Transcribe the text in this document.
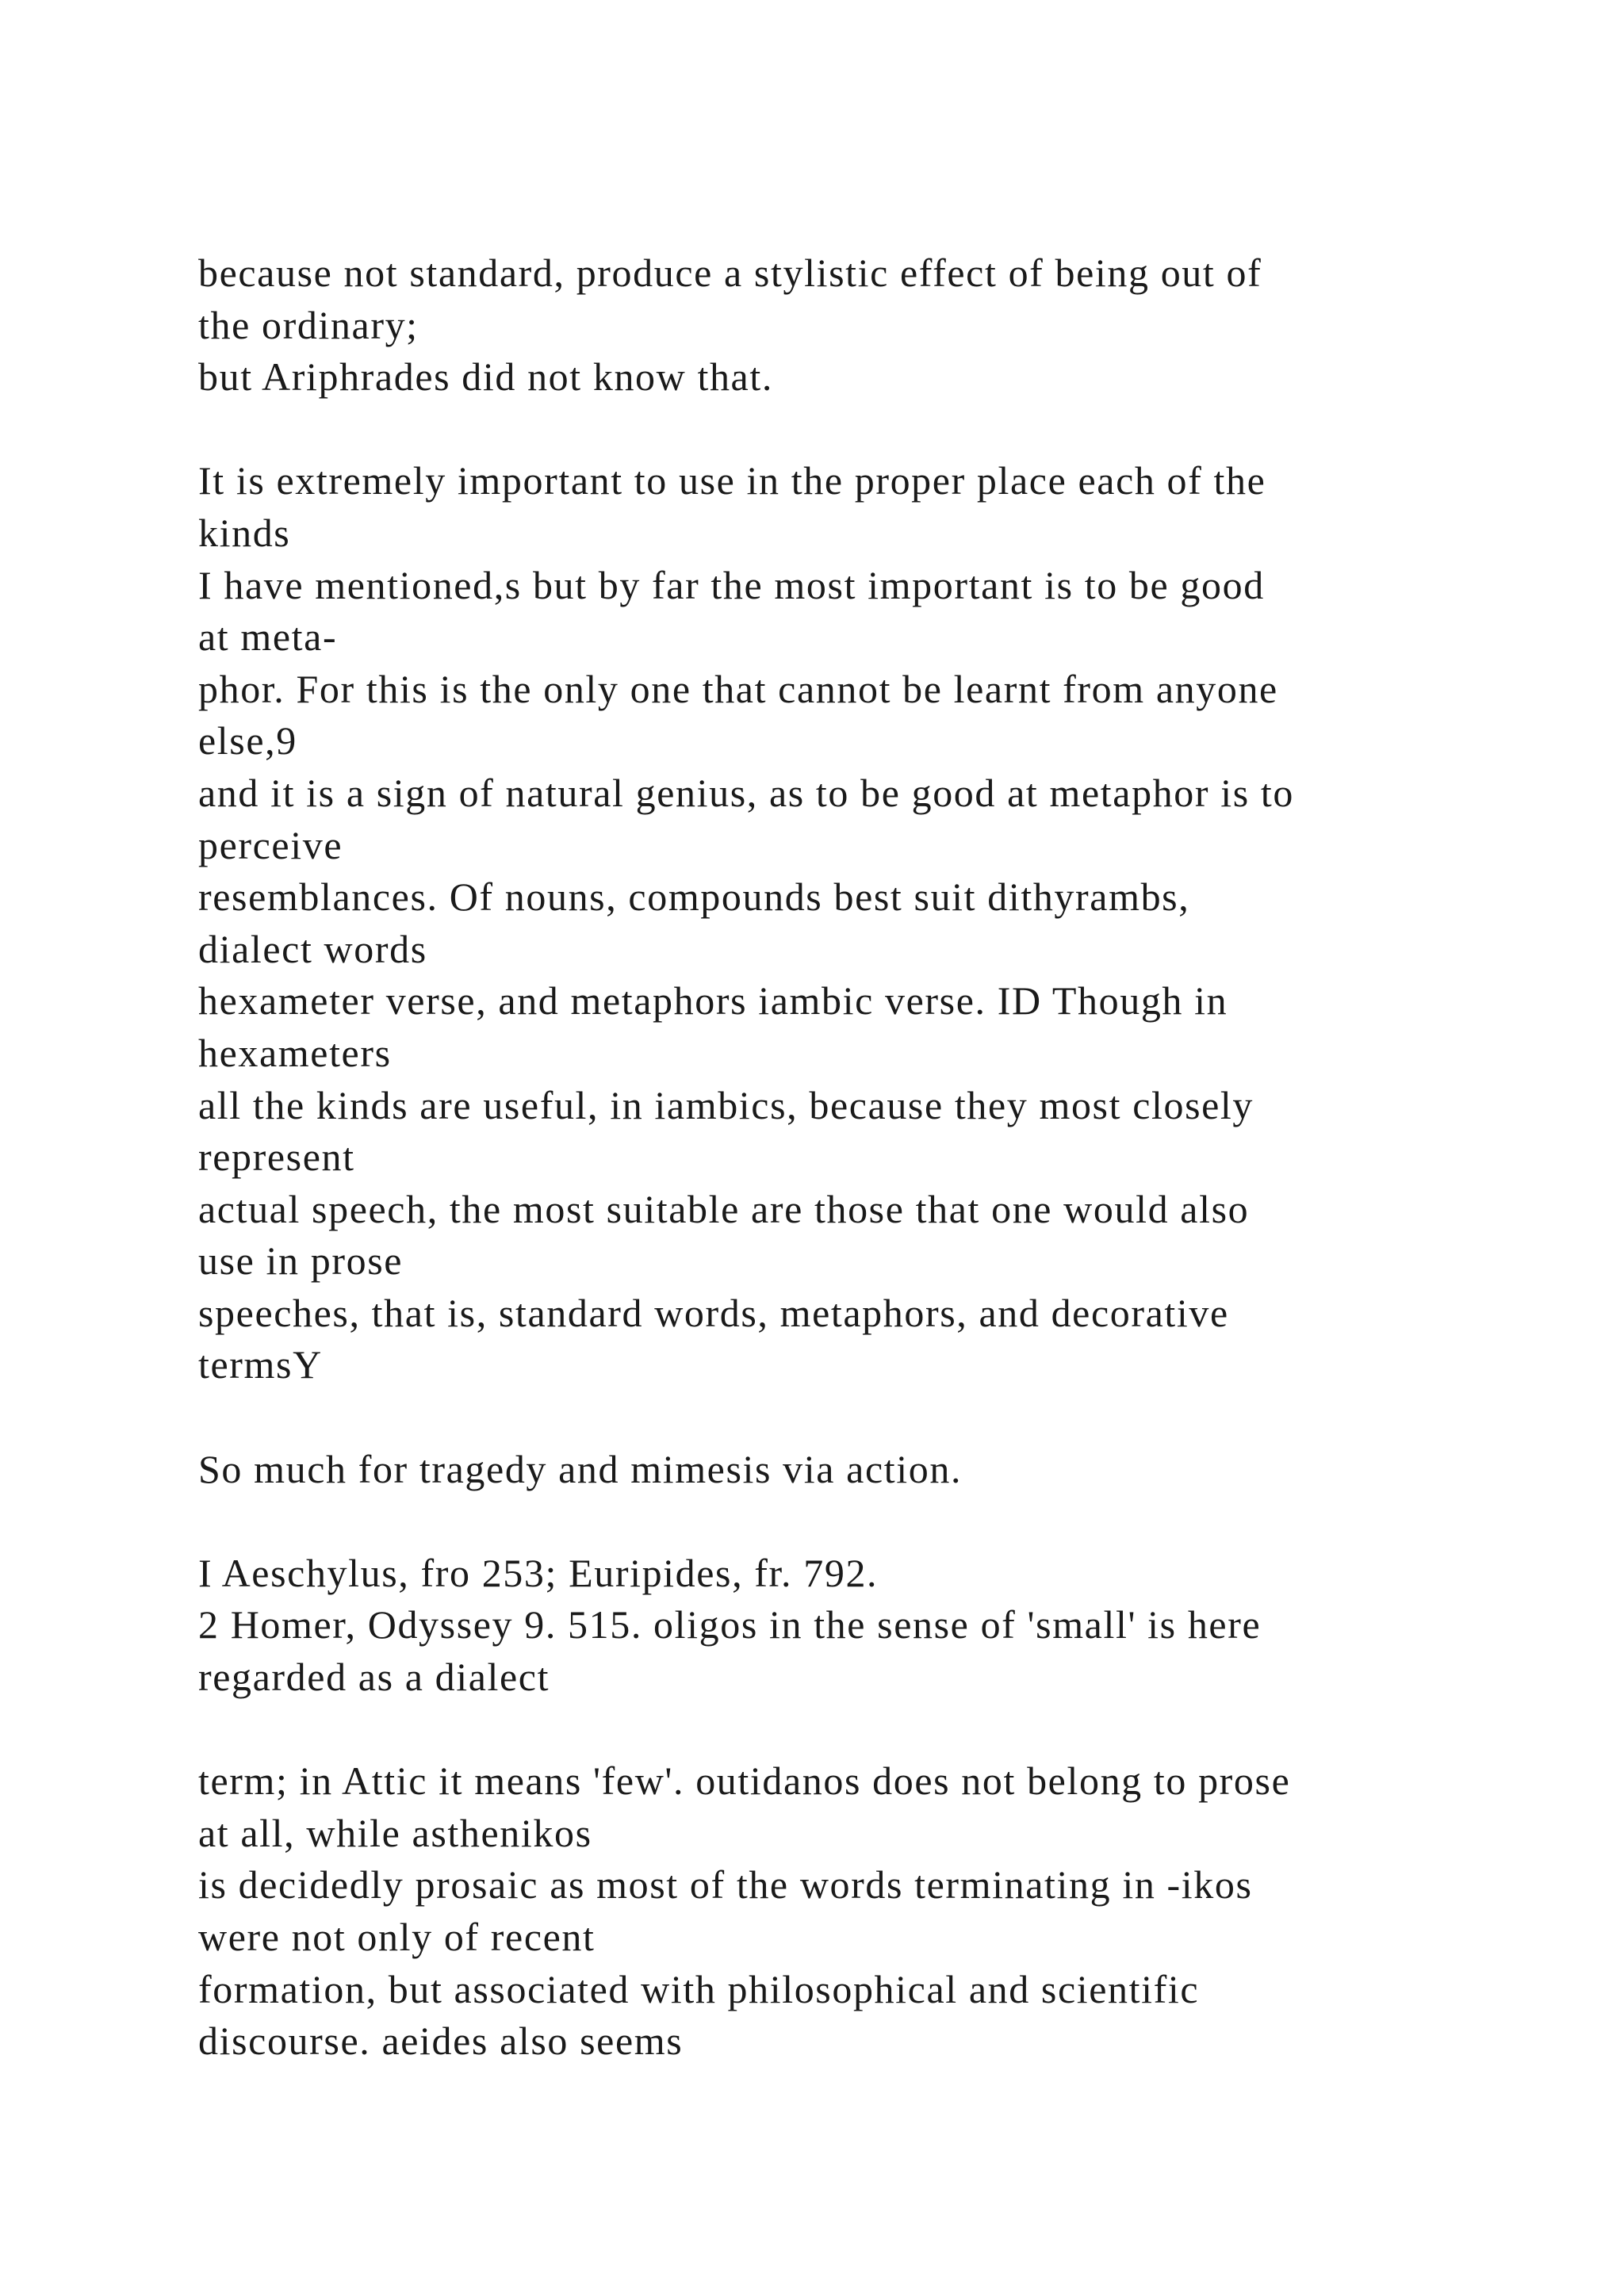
because not standard, produce a stylistic effect of being out of
the ordinary;
but Ariphrades did not know that.
It is extremely important to use in the proper place each of the
kinds
I have mentioned,s but by far the most important is to be good
at meta-
phor. For this is the only one that cannot be learnt from anyone
else,9
and it is a sign of natural genius, as to be good at metaphor is to
perceive
resemblances. Of nouns, compounds best suit dithyrambs,
dialect words
hexameter verse, and metaphors iambic verse. ID Though in
hexameters
all the kinds are useful, in iambics, because they most closely
represent
actual speech, the most suitable are those that one would also
use in prose
speeches, that is, standard words, metaphors, and decorative
termsY
So much for tragedy and mimesis via action.
I Aeschylus, fro 253; Euripides, fr. 792.
2 Homer, Odyssey 9. 515. oligos in the sense of 'small' is here
regarded as a dialect
term; in Attic it means 'few'. outidanos does not belong to prose
at all, while asthenikos
is decidedly prosaic as most of the words terminating in -ikos
were not only of recent
formation, but associated with philosophical and scientific
discourse. aeides also seems
